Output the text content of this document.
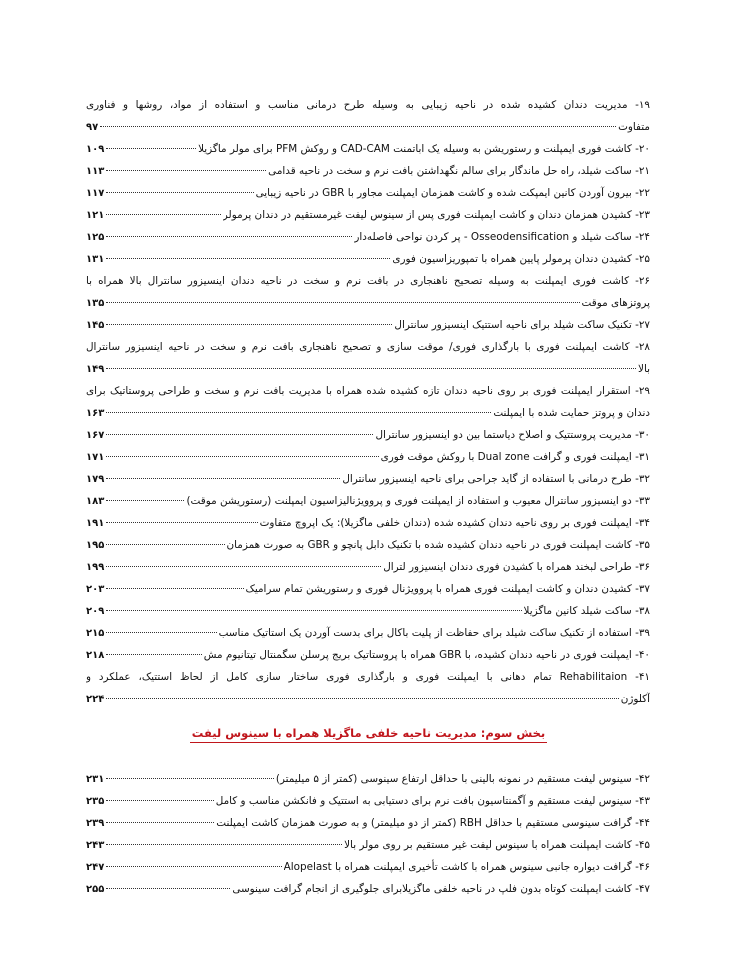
۱۹- مدیریت دندان کشیده شده در ناحیه زیبایی به وسیله طرح درمانی مناسب و استفاده از مواد، روشها و فناوری
متفاوت
۹۷
۲۰- کاشت فوری ایمپلنت و رستوریشن به وسیله یک اباتمنت CAD-CAM و روکش PFM برای مولر ماگزیلا
۱۰۹
۲۱- ساکت شیلد، راه حل ماندگار برای سالم نگهداشتن بافت نرم و سخت در ناحیه قدامی
۱۱۳
۲۲- بیرون آوردن کانین ایمپکت شده و کاشت همزمان ایمپلنت مجاور با GBR در ناحیه زیبایی
۱۱۷
۲۳- کشیدن همزمان دندان و کاشت ایمپلنت فوری پس از سینوس لیفت غیرمستقیم در دندان پرمولر
۱۲۱
۲۴- ساکت شیلد و Osseodensification - پر کردن نواحی فاصله‌دار
۱۲۵
۲۵- کشیدن دندان پرمولر پایین همراه با تمپوریزاسیون فوری
۱۳۱
۲۶- کاشت فوری ایمپلنت به وسیله تصحیح ناهنجاری در بافت نرم و سخت در ناحیه دندان اینسیزور سانترال بالا همراه با
پروتزهای موقت
۱۳۵
۲۷- تکنیک ساکت شیلد برای ناحیه استتیک اینسیزور سانترال
۱۴۵
۲۸- کاشت ایمپلنت فوری با بارگذاری فوری/ موقت سازی و تصحیح ناهنجاری بافت نرم و سخت در ناحیه اینسیزور سانترال
بالا
۱۴۹
۲۹- استقرار ایمپلنت فوری بر روی ناحیه دندان تازه کشیده شده همراه با مدیریت بافت نرم و سخت و طراحی پروستاتیک برای
دندان و پروتز حمایت شده با ایمپلنت
۱۶۳
۳۰- مدیریت پروستتیک و اصلاح دیاستما بین دو اینسیزور سانترال
۱۶۷
۳۱- ایمپلنت فوری و گرافت Dual zone با روکش موقت فوری
۱۷۱
۳۲- طرح درمانی با استفاده از گاید جراحی برای ناحیه اینسیزور سانترال
۱۷۹
۳۳- دو اینسیزور سانترال معیوب و استفاده از ایمپلنت فوری و پروویژنالیزاسیون ایمپلنت (رستوریشن موقت)
۱۸۳
۳۴- ایمپلنت فوری بر روی ناحیه دندان کشیده شده (دندان خلفی ماگزیلا): یک اپروچ متفاوت
۱۹۱
۳۵- کاشت ایمپلنت فوری در ناحیه دندان کشیده شده با تکنیک دابل پانچو و GBR به صورت همزمان
۱۹۵
۳۶- طراحی لبخند همراه با کشیدن فوری دندان اینسیزور لترال
۱۹۹
۳۷- کشیدن دندان و کاشت ایمپلنت فوری همراه با پروویژنال فوری و رستوریشن تمام سرامیک
۲۰۳
۳۸- ساکت شیلد کانین ماگزیلا
۲۰۹
۳۹- استفاده از تکنیک ساکت شیلد برای حفاظت از پلیت باکال برای بدست آوردن یک استاتیک مناسب
۲۱۵
۴۰- ایمپلنت فوری در ناحیه دندان کشیده، با GBR همراه با پروستاتیک بریج پرسلن سگمنتال تیتانیوم مش
۲۱۸
۴۱- Rehabilitaion تمام دهانی با ایمپلنت فوری و بارگذاری فوری ساختار سازی کامل از لحاظ استتیک، عملکرد و
آکلوژن
۲۲۴
بخش سوم: مدیریت ناحیه خلفی ماگزیلا همراه با سینوس لیفت
۴۲- سینوس لیفت مستقیم در نمونه بالینی با حداقل ارتفاع سینوسی (کمتر از ۵ میلیمتر)
۲۳۱
۴۳- سینوس لیفت مستقیم و آگمنتاسیون بافت نرم برای دستیابی به استتیک و فانکشن مناسب و کامل
۲۳۵
۴۴- گرافت سینوسی مستقیم با حداقل RBH (کمتر از دو میلیمتر) و به صورت همزمان کاشت ایمپلنت
۲۳۹
۴۵- کاشت ایمپلنت همراه با سینوس لیفت غیر مستقیم بر روی مولر بالا
۲۴۳
۴۶- گرافت دیواره جانبی سینوس همراه با کاشت تأخیری ایمپلنت همراه با Alopelast
۲۴۷
۴۷- کاشت ایمپلنت کوتاه بدون فلپ در ناحیه خلفی ماگزیلابرای جلوگیری از انجام گرافت سینوسی
۲۵۵
